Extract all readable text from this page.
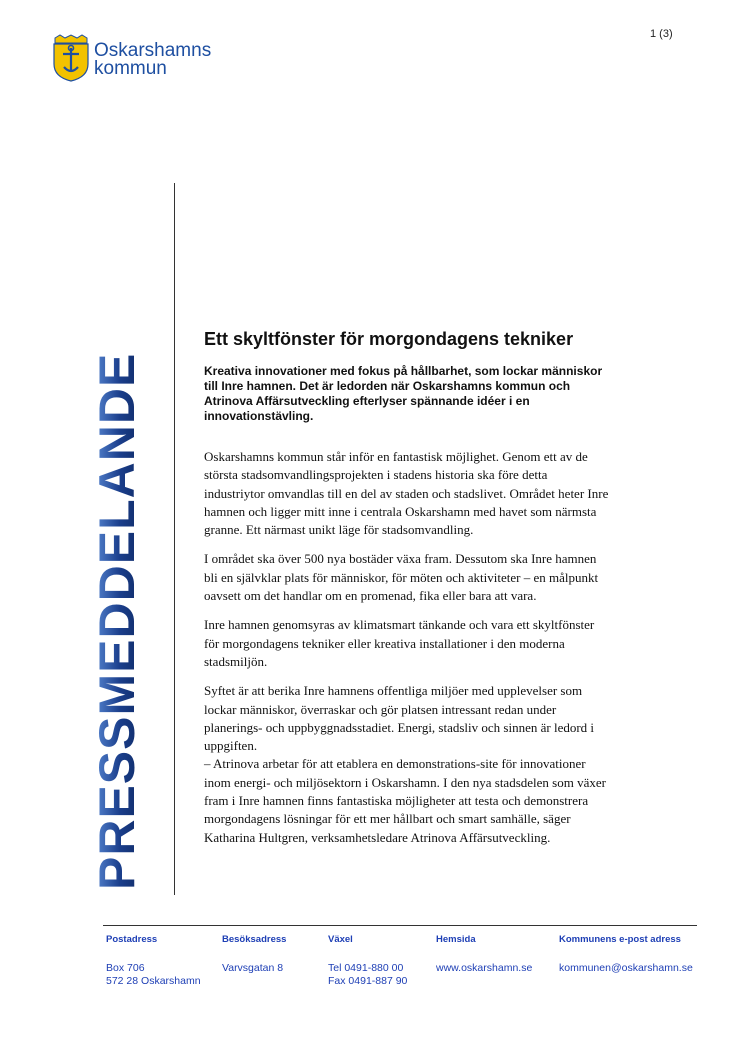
1 (3)
Oskarshamns
kommun
PRESSMEDDELANDE
Ett skyltfönster för morgondagens tekniker

Kreativa innovationer med fokus på hållbarhet, som lockar människor
till Inre hamnen. Det är ledorden när Oskarshamns kommun och
Atrinova Affärsutveckling efterlyser spännande idéer i en
innovationstävling.

Oskarshamns kommun står inför en fantastisk möjlighet. Genom ett av de
största stadsomvandlingsprojekten i stadens historia ska före detta
industriytor omvandlas till en del av staden och stadslivet. Området heter Inre
hamnen och ligger mitt inne i centrala Oskarshamn med havet som närmsta
granne. Ett närmast unikt läge för stadsomvandling.

I området ska över 500 nya bostäder växa fram. Dessutom ska Inre hamnen
bli en självklar plats för människor, för möten och aktiviteter – en målpunkt
oavsett om det handlar om en promenad, fika eller bara att vara.

Inre hamnen genomsyras av klimatsmart tänkande och vara ett skyltfönster
för morgondagens tekniker eller kreativa installationer i den moderna
stadsmiljön.

Syftet är att berika Inre hamnens offentliga miljöer med upplevelser som
lockar människor, överraskar och gör platsen intressant redan under
planerings- och uppbyggnadsstadiet. Energi, stadsliv och sinnen är ledord i
uppgiften.
– Atrinova arbetar för att etablera en demonstrations-site för innovationer
inom energi- och miljösektorn i Oskarshamn. I den nya stadsdelen som växer
fram i Inre hamnen finns fantastiska möjligheter att testa och demonstrera
morgondagens lösningar för ett mer hållbart och smart samhälle, säger
Katharina Hultgren, verksamhetsledare Atrinova Affärsutveckling.

Postadress
Box 706
572 28 Oskarshamn
Besöksadress
Varvsgatan 8
Växel
Tel 0491-880 00
Fax 0491-887 90
Hemsida
www.oskarshamn.se
Kommunens e-post adress
kommunen@oskarshamn.se
